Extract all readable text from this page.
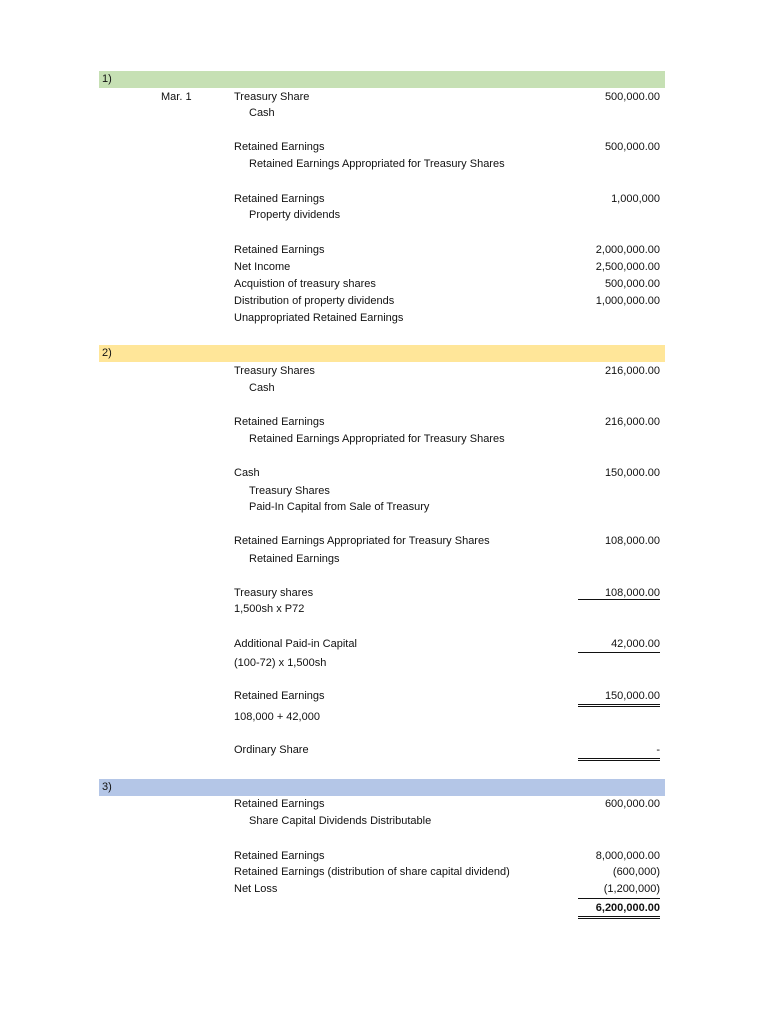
1)
Mar. 1	Treasury Share	500,000.00
Cash
Retained Earnings	500,000.00
Retained Earnings Appropriated for Treasury Shares
Retained Earnings	1,000,000
Property dividends
Retained Earnings	2,000,000.00
Net Income	2,500,000.00
Acquistion of treasury shares	500,000.00
Distribution of property dividends	1,000,000.00
Unappropriated Retained Earnings
2)
Treasury Shares	216,000.00
Cash
Retained Earnings	216,000.00
Retained Earnings Appropriated for Treasury Shares
Cash	150,000.00
Treasury Shares
Paid-In Capital from Sale of Treasury
Retained Earnings Appropriated for Treasury Shares	108,000.00
Retained Earnings
Treasury shares	108,000.00
1,500sh x P72
Additional Paid-in Capital	42,000.00
(100-72) x 1,500sh
Retained Earnings	150,000.00
108,000 + 42,000
Ordinary Share	-
3)
Retained Earnings	600,000.00
Share Capital Dividends Distributable
Retained Earnings	8,000,000.00
Retained Earnings (distribution of share capital dividend)	(600,000)
Net Loss	(1,200,000)
6,200,000.00
